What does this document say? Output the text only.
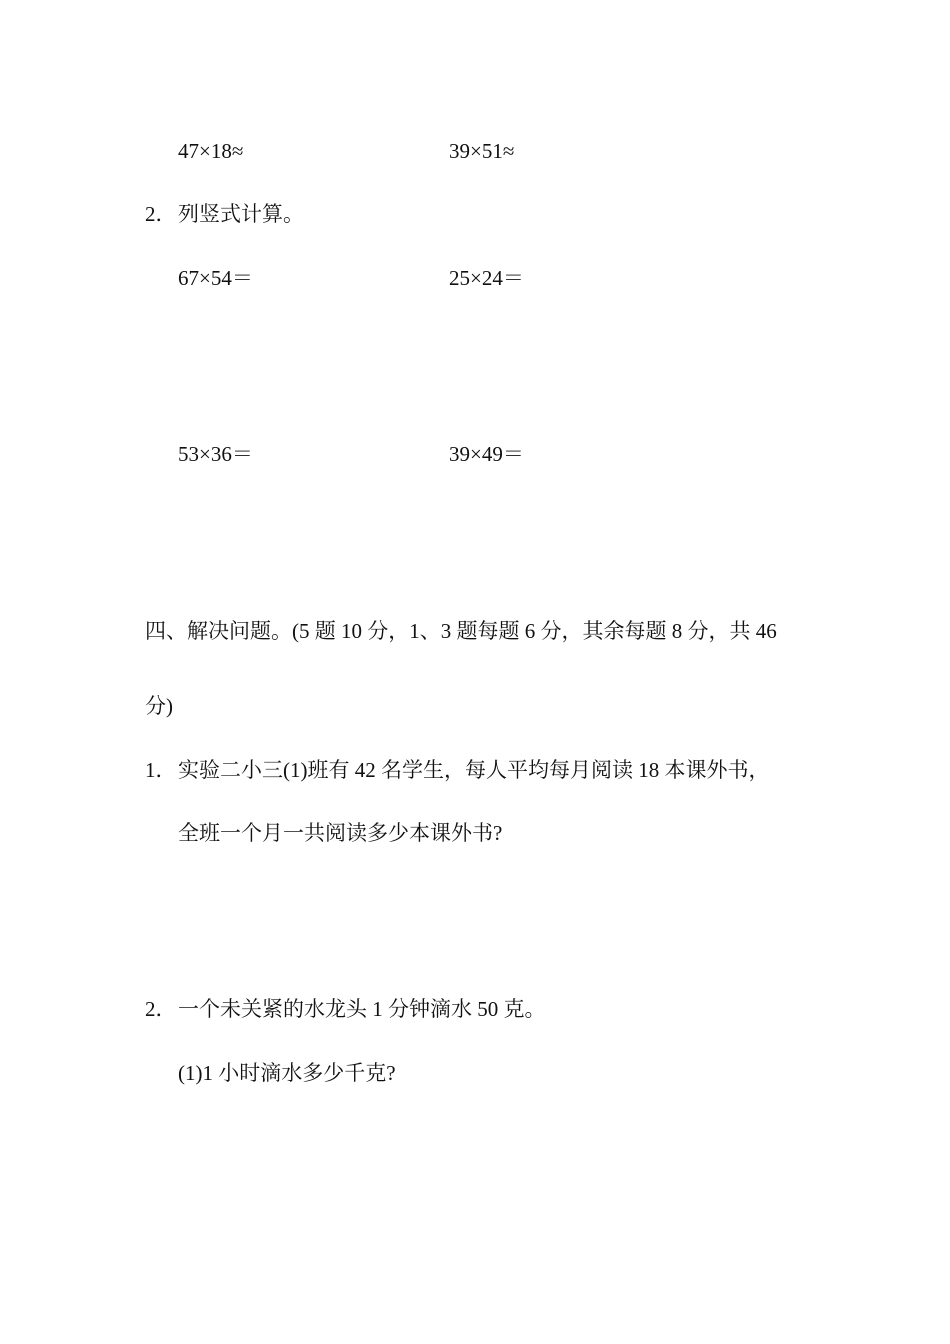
47×18≈	39×51≈
2． 列竖式计算。
67×54＝	25×24＝
53×36＝	39×49＝
四、解决问题。(5 题 10 分，1、3 题每题 6 分，其余每题 8 分，共 46
分)
1． 实验二小三(1)班有 42 名学生，每人平均每月阅读 18 本课外书，
全班一个月一共阅读多少本课外书?
2． 一个未关紧的水龙头 1 分钟滴水 50 克。
(1)1 小时滴水多少千克?
